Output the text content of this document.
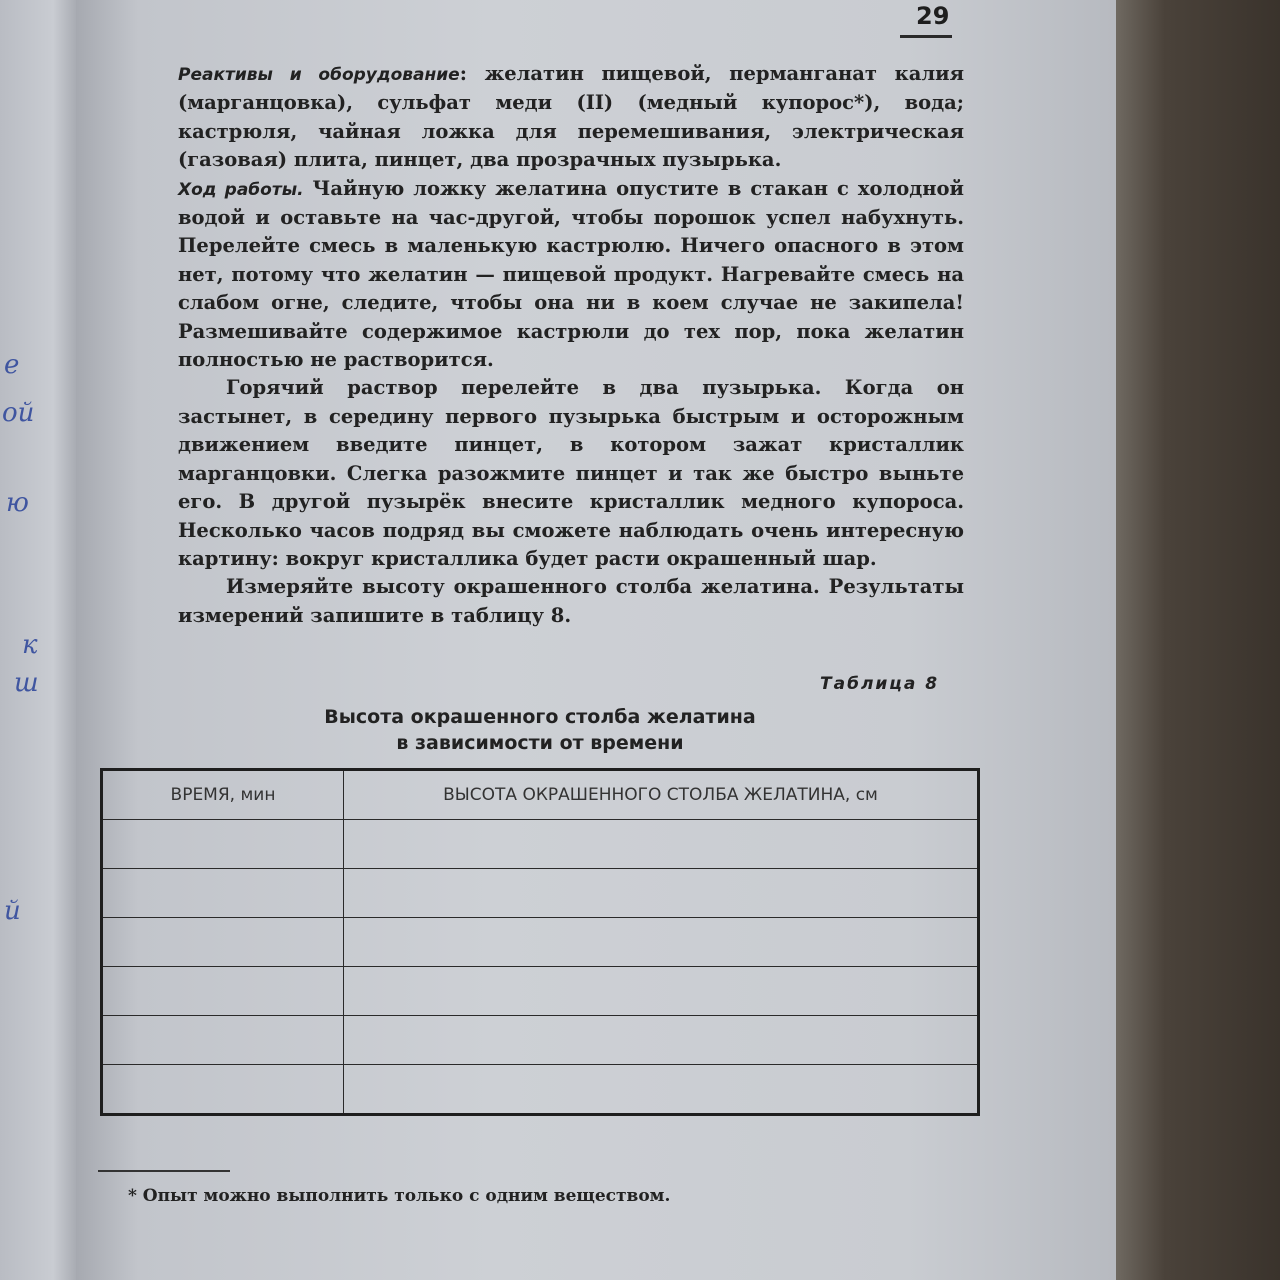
е
ой
ю
к
ш
й
29

Реактивы и оборудование: желатин пищевой, перманганат калия (марганцовка), сульфат меди (II) (медный купорос*), вода; кастрюля, чайная ложка для перемешивания, электрическая (газовая) плита, пинцет, два прозрачных пузырька.

Ход работы. Чайную ложку желатина опустите в стакан с холодной водой и оставьте на час-другой, чтобы порошок успел набухнуть. Перелейте смесь в маленькую кастрюлю. Ничего опасного в этом нет, потому что желатин — пищевой продукт. Нагревайте смесь на слабом огне, следите, чтобы она ни в коем случае не закипела! Размешивайте содержимое кастрюли до тех пор, пока желатин полностью не растворится.

Горячий раствор перелейте в два пузырька. Когда он застынет, в середину первого пузырька быстрым и осторожным движением введите пинцет, в котором зажат кристаллик марганцовки. Слегка разожмите пинцет и так же быстро выньте его. В другой пузырёк внесите кристаллик медного купороса. Несколько часов подряд вы сможете наблюдать очень интересную картину: вокруг кристаллика будет расти окрашенный шар.

Измеряйте высоту окрашенного столба желатина. Результаты измерений запишите в таблицу 8.

Таблица 8
Высота окрашенного столба желатина
в зависимости от времени
ВРЕМЯ, мин	ВЫСОТА ОКРАШЕННОГО СТОЛБА ЖЕЛАТИНА, см

* Опыт можно выполнить только с одним веществом.
